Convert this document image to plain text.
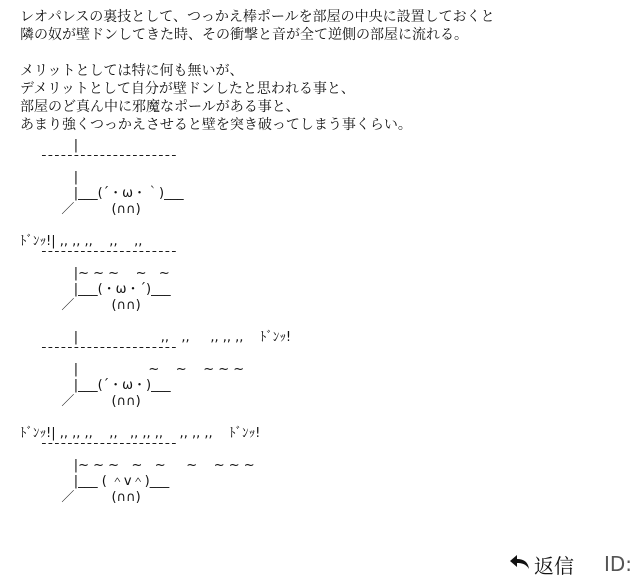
レオパレスの裏技として、つっかえ棒ポールを部屋の中央に設置しておくと
隣の奴が壁ドンしてきた時、その衝撃と音が全て逆側の部屋に流れる。
メリットとしては特に何も無いが、
デメリットとして自分が壁ドンしたと思われる事と、
部屋のど真ん中に邪魔なポールがある事と、
あまり強くつっかえさせると壁を突き破ってしまう事くらい。
|
¯¯¯¯¯¯¯¯¯¯¯¯¯¯¯¯¯¯¯¯¯
|
|___(´・ω・｀)___
／         (∩∩)

ﾄﾞﾝｯ!| ,, ,, ,,    ,,    ,,
¯¯¯¯¯¯¯¯¯¯¯¯¯¯¯¯¯¯¯¯¯
|~ ~ ~    ~   ~
|___(・ω・´)___
／         (∩∩)

|                    ,,   ,,     ,, ,, ,,    ﾄﾞﾝｯ!
¯¯¯¯¯¯¯¯¯¯¯¯¯¯¯¯¯¯¯¯¯
|                 ~    ~    ~ ~ ~
|___(´・ω・)___
／         (∩∩)

ﾄﾞﾝｯ!| ,, ,, ,,    ,,   ,, ,, ,,    ,, ,, ,,    ﾄﾞﾝｯ!
¯¯¯¯¯¯¯¯¯¯¯¯¯¯¯¯¯¯¯¯¯
|~ ~ ~   ~   ~     ~    ~ ~ ~
|___ ( ＾v＾)___
／         (∩∩)
返信 ID:
